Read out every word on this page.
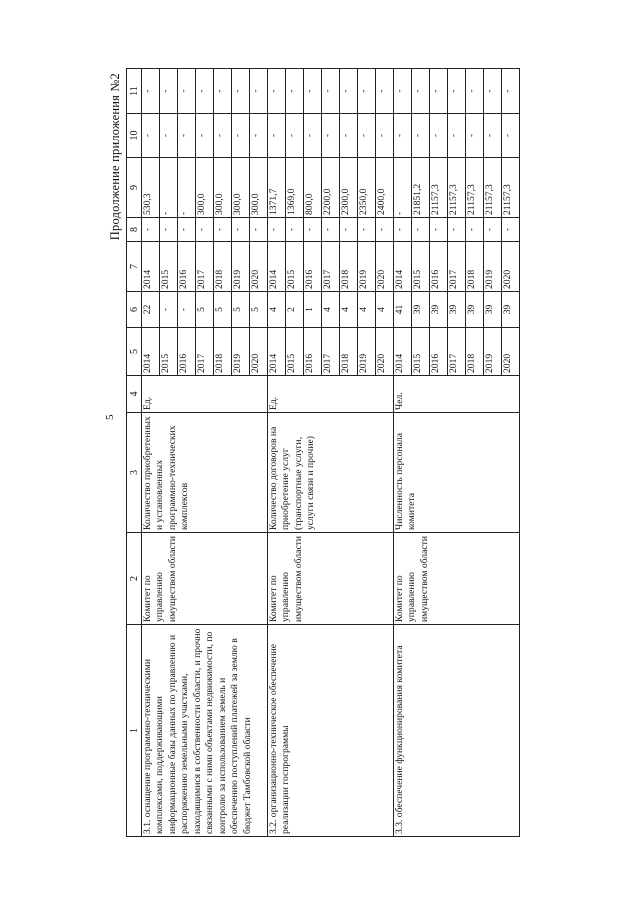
5
Продолжение приложения №2
1	2	3	4	5	6	7	8	9	10	11
3.1. оснащение программно-техническими комплексами, поддерживающими информационные базы данных по управлению и распоряжению земельными участками, находящимися в собственности области, и прочно связанными с ними объектами недвижимости, по контролю за использованием земель и обеспечению поступлений платежей за землю в бюджет Тамбовской области	Комитет по управлению имуществом области	Количество приобретенных и установленных программно-технических комплексов	Ед.	2014	22	2014	-	530,3	-	-
				2015	-	2015	-	-	-	-
				2016	-	2016	-	-	-	-
				2017	5	2017	-	300,0	-	-
				2018	5	2018	-	300,0	-	-
				2019	5	2019	-	300,0	-	-
				2020	5	2020	-	300,0	-	-
3.2. организационно-техническое обеспечение реализации госпрограммы	Комитет по управлению имуществом области	Количество договоров на приобретение услуг (транспортные услуги, услуги связи и прочие)	Ед.	2014	4	2014	-	1371,7	-	-
				2015	2	2015	-	1369,0	-	-
				2016	1	2016	-	800,0	-	-
				2017	4	2017	-	2200,0	-	-
				2018	4	2018	-	2300,0	-	-
				2019	4	2019	-	2350,0	-	-
				2020	4	2020	-	2400,0	-	-
3.3. обеспечение функционирования комитета	Комитет по управлению имуществом области	Численность персонала комитета	Чел.	2014	41	2014	-	-	-	-
				2015	39	2015	-	21851,2	-	-
				2016	39	2016	-	21157,3	-	-
				2017	39	2017	-	21157,3	-	-
				2018	39	2018	-	21157,3	-	-
				2019	39	2019	-	21157,3	-	-
				2020	39	2020	-	21157,3	-	-
